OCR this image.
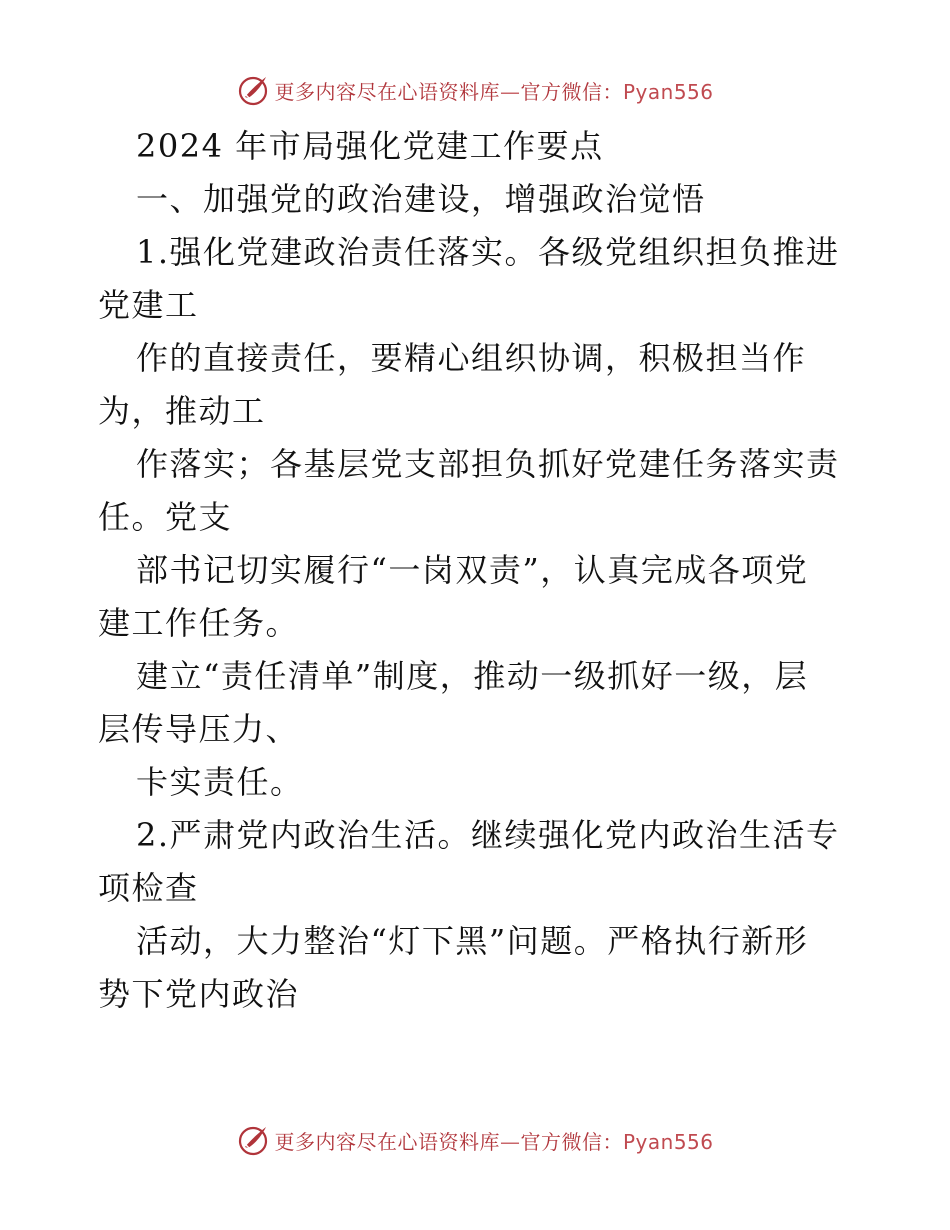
更多内容尽在心语资料库—官方微信：Pyan556
2024 年市局强化党建工作要点
一、加强党的政治建设，增强政治觉悟
1.强化党建政治责任落实。各级党组织担负推进
党建工
作的直接责任，要精心组织协调，积极担当作
为，推动工
作落实；各基层党支部担负抓好党建任务落实责
任。党支
部书记切实履行“一岗双责”，认真完成各项党
建工作任务。
建立“责任清单”制度，推动一级抓好一级，层
层传导压力、
卡实责任。
2.严肃党内政治生活。继续强化党内政治生活专
项检查
活动，大力整治“灯下黑”问题。严格执行新形
势下党内政治
更多内容尽在心语资料库—官方微信：Pyan556
